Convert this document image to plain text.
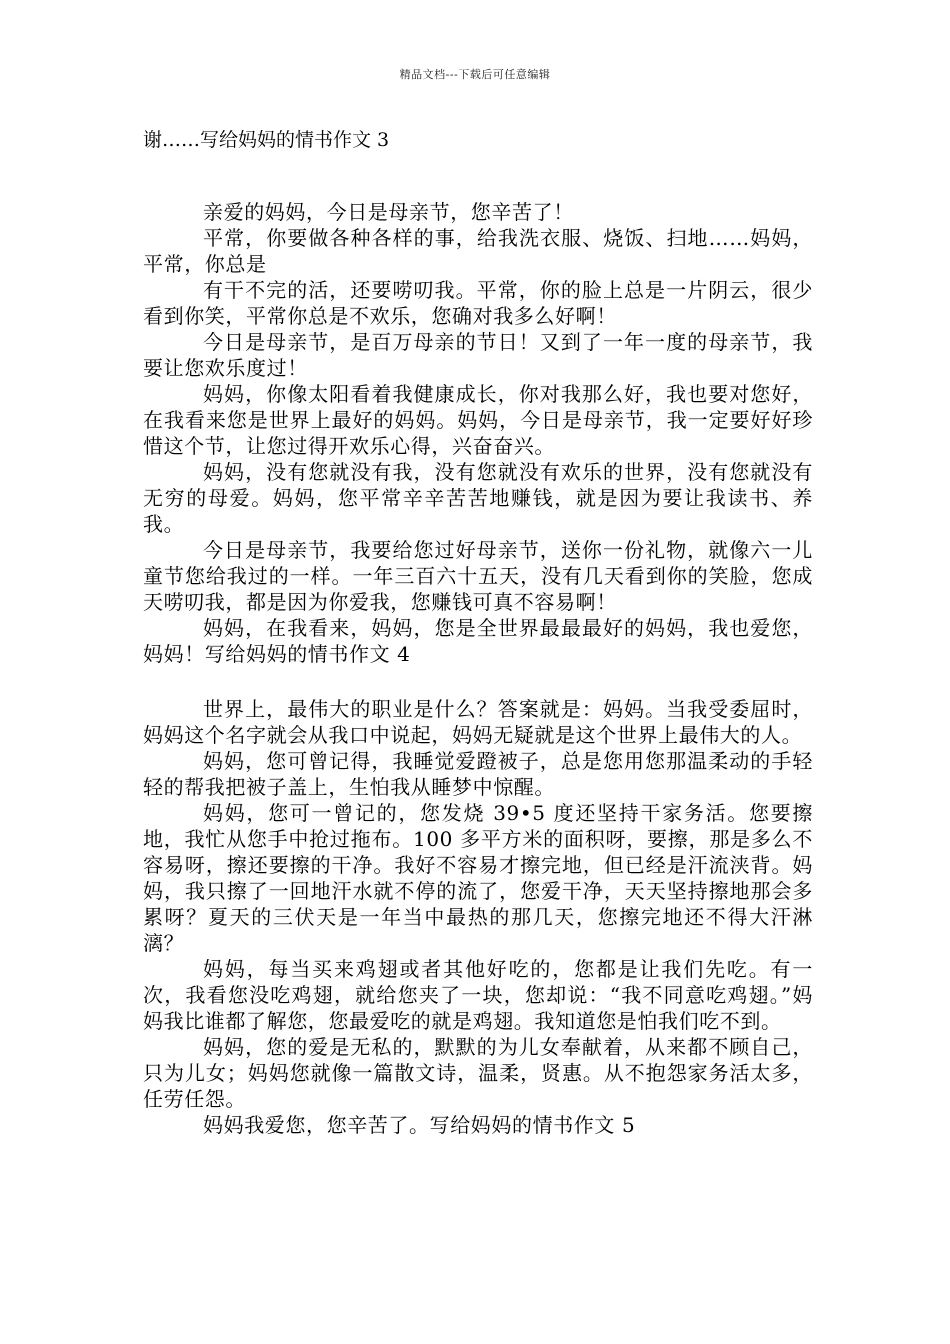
精品文档---下载后可任意编辑
谢……写给妈妈的情书作文 3

亲爱的妈妈，今日是母亲节，您辛苦了！

平常，你要做各种各样的事，给我洗衣服、烧饭、扫地……妈妈，平常，你总是

有干不完的活，还要唠叨我。平常，你的脸上总是一片阴云，很少看到你笑，平常你总是不欢乐，您确对我多么好啊！

今日是母亲节，是百万母亲的节日！又到了一年一度的母亲节，我要让您欢乐度过！

妈妈，你像太阳看着我健康成长，你对我那么好，我也要对您好，在我看来您是世界上最好的妈妈。妈妈，今日是母亲节，我一定要好好珍惜这个节，让您过得开欢乐心得，兴奋奋兴。

妈妈，没有您就没有我，没有您就没有欢乐的世界，没有您就没有无穷的母爱。妈妈，您平常辛辛苦苦地赚钱，就是因为要让我读书、养我。

今日是母亲节，我要给您过好母亲节，送你一份礼物，就像六一儿童节您给我过的一样。一年三百六十五天，没有几天看到你的笑脸，您成天唠叨我，都是因为你爱我，您赚钱可真不容易啊！

妈妈，在我看来，妈妈，您是全世界最最最好的妈妈，我也爱您，妈妈！写给妈妈的情书作文 4

世界上，最伟大的职业是什么？答案就是：妈妈。当我受委屈时，妈妈这个名字就会从我口中说起，妈妈无疑就是这个世界上最伟大的人。

妈妈，您可曾记得，我睡觉爱蹬被子，总是您用您那温柔动的手轻轻的帮我把被子盖上，生怕我从睡梦中惊醒。

妈妈，您可一曾记的，您发烧 39•5 度还坚持干家务活。您要擦地，我忙从您手中抢过拖布。100 多平方米的面积呀，要擦，那是多么不容易呀，擦还要擦的干净。我好不容易才擦完地，但已经是汗流浃背。妈妈，我只擦了一回地汗水就不停的流了，您爱干净，天天坚持擦地那会多累呀？夏天的三伏天是一年当中最热的那几天，您擦完地还不得大汗淋漓？

妈妈，每当买来鸡翅或者其他好吃的，您都是让我们先吃。有一次，我看您没吃鸡翅，就给您夹了一块，您却说：“我不同意吃鸡翅。”妈妈我比谁都了解您，您最爱吃的就是鸡翅。我知道您是怕我们吃不到。

妈妈，您的爱是无私的，默默的为儿女奉献着，从来都不顾自己，只为儿女；妈妈您就像一篇散文诗，温柔，贤惠。从不抱怨家务活太多，任劳任怨。

妈妈我爱您，您辛苦了。写给妈妈的情书作文 5
